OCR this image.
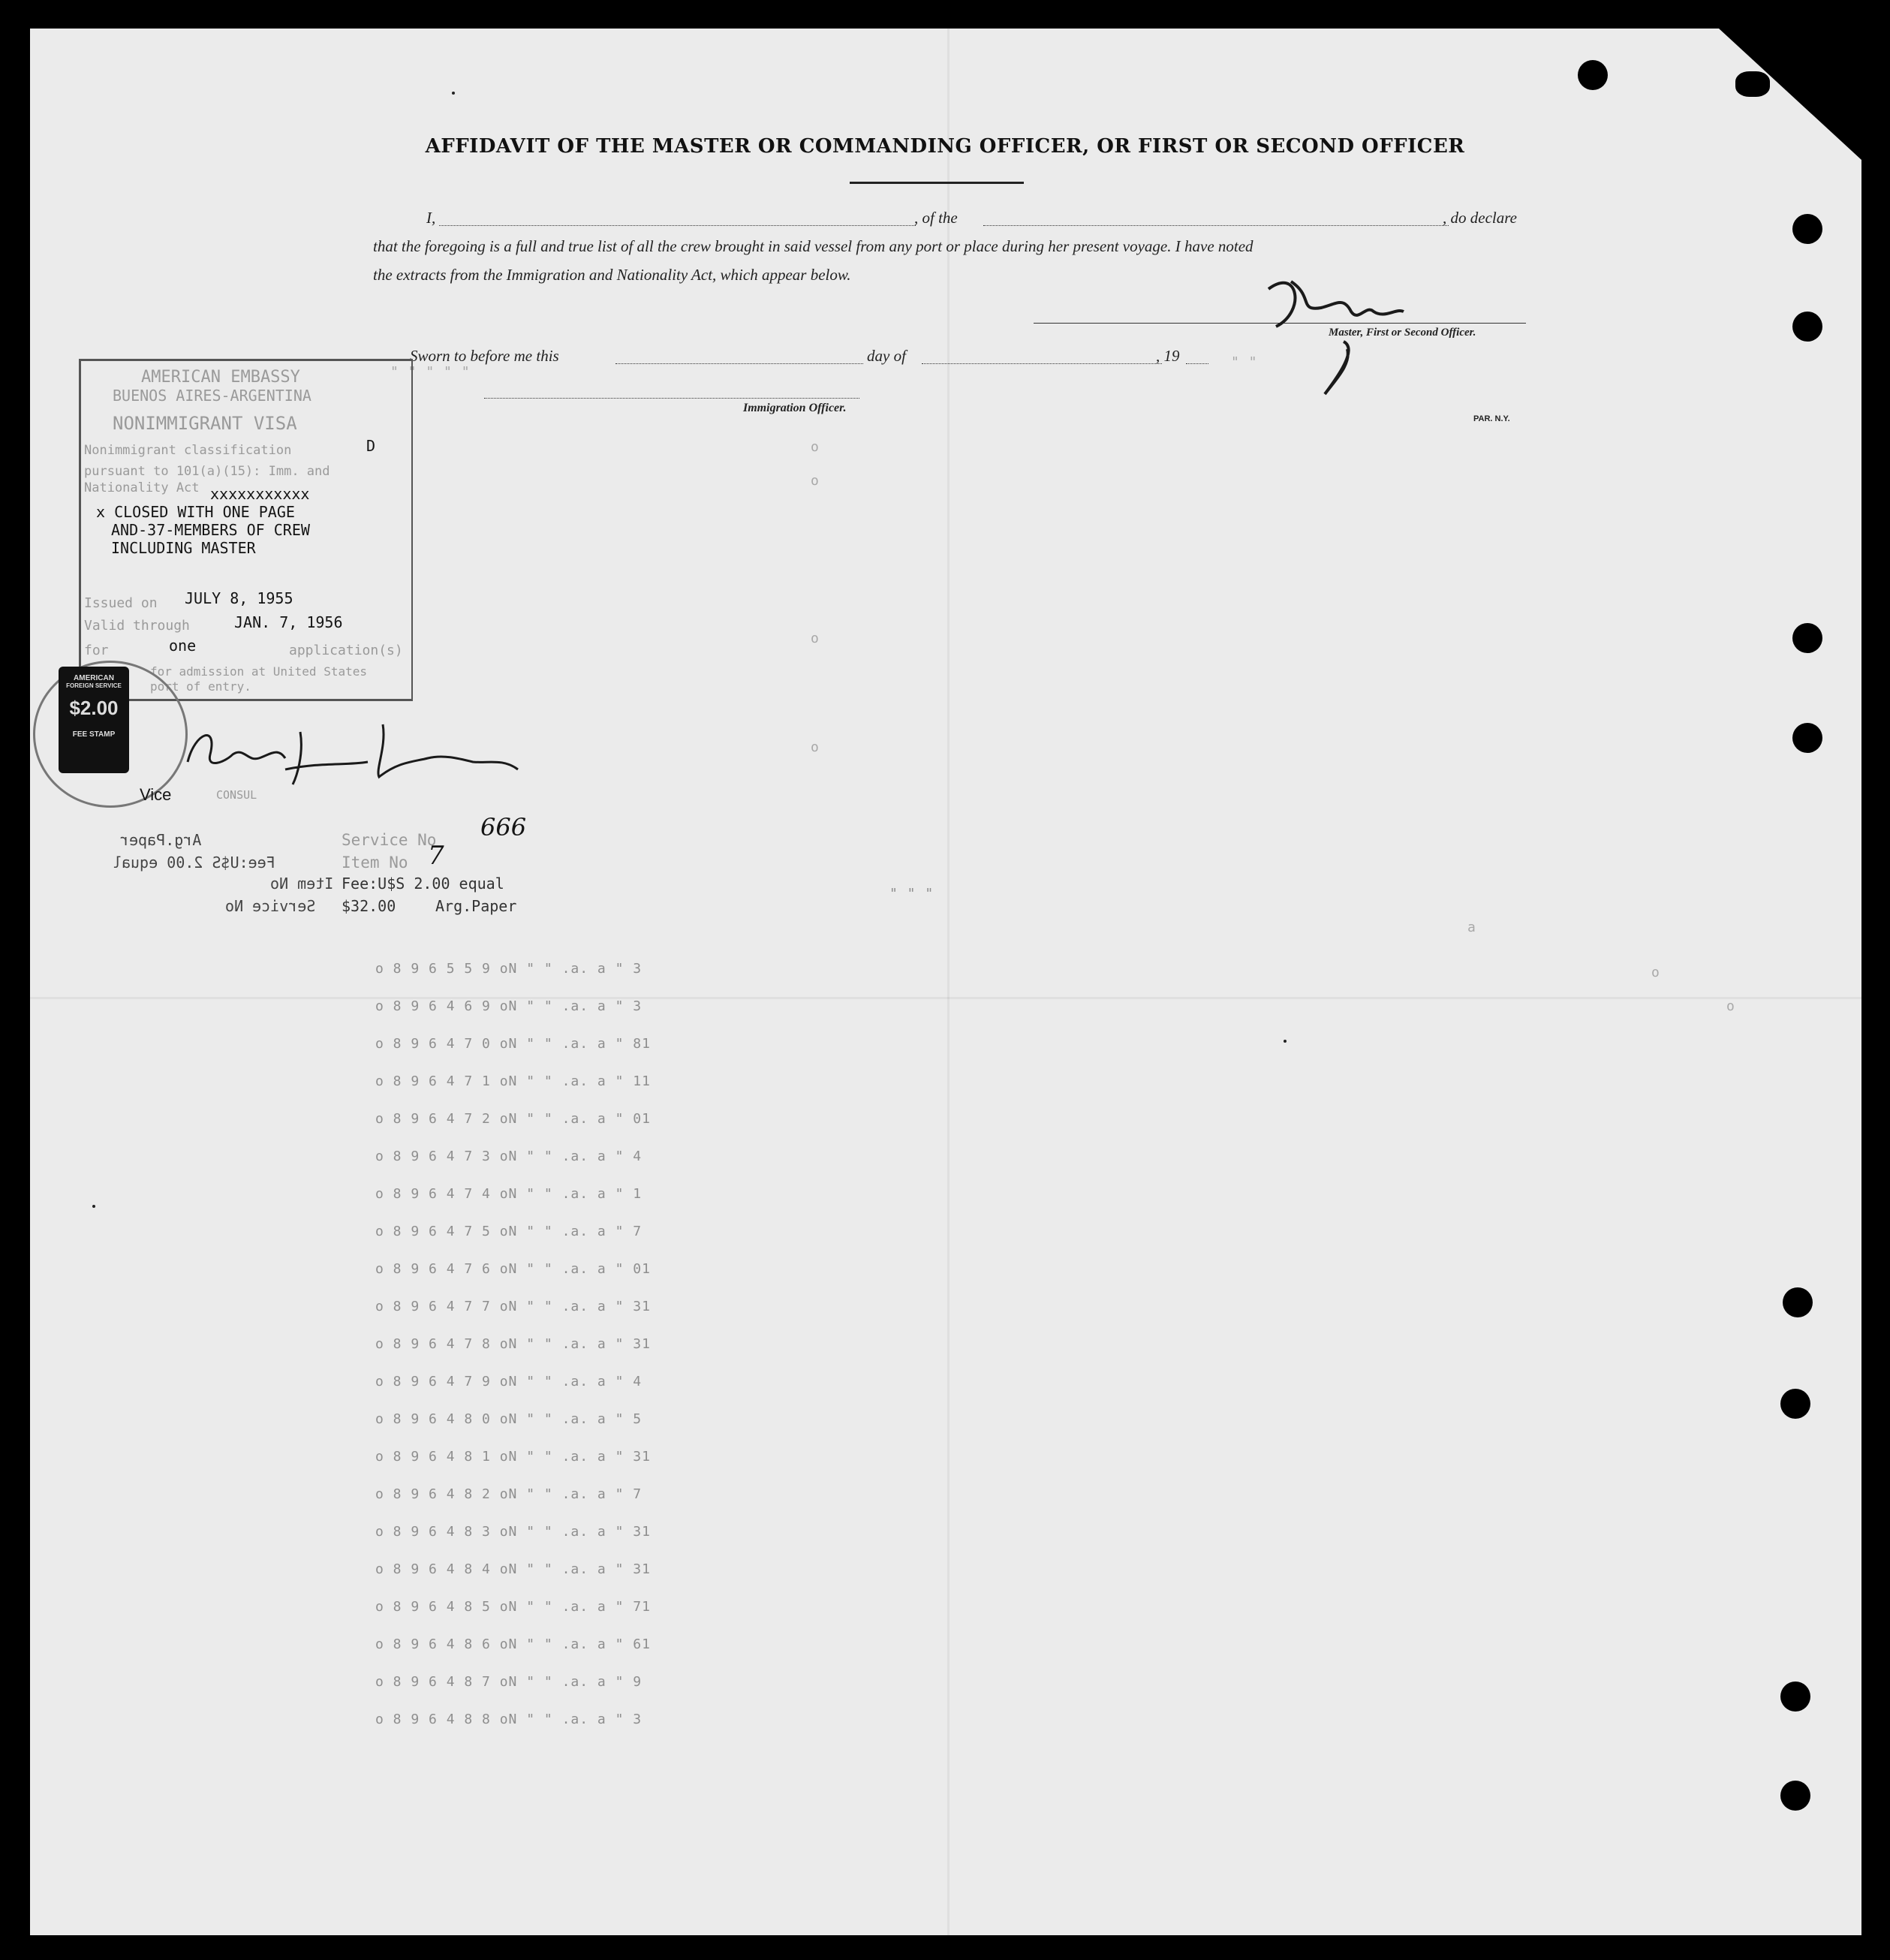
" " " " "
" "
o
o
o
o
" " "
o 8 9 6 5 5 9 oN " " .a. a " 3
o 8 9 6 4 6 9 oN " " .a. a " 3
o 8 9 6 4 7 0 oN " " .a. a " 81
o 8 9 6 4 7 1 oN " " .a. a " 11
o 8 9 6 4 7 2 oN " " .a. a " 01
o 8 9 6 4 7 3 oN " " .a. a " 4
o 8 9 6 4 7 4 oN " " .a. a " 1
o 8 9 6 4 7 5 oN " " .a. a " 7
o 8 9 6 4 7 6 oN " " .a. a " 01
o 8 9 6 4 7 7 oN " " .a. a " 31
o 8 9 6 4 7 8 oN " " .a. a " 31
o 8 9 6 4 7 9 oN " " .a. a " 4
o 8 9 6 4 8 0 oN " " .a. a " 5
o 8 9 6 4 8 1 oN " " .a. a " 31
o 8 9 6 4 8 2 oN " " .a. a " 7
o 8 9 6 4 8 3 oN " " .a. a " 31
o 8 9 6 4 8 4 oN " " .a. a " 31
o 8 9 6 4 8 5 oN " " .a. a " 71
o 8 9 6 4 8 6 oN " " .a. a " 61
o 8 9 6 4 8 7 oN " " .a. a " 9
o 8 9 6 4 8 8 oN " " .a. a " 3
a
o
o
AFFIDAVIT OF THE MASTER OR COMMANDING OFFICER, OR FIRST OR SECOND OFFICER
I,	, of the	, do declare
that the foregoing is a full and true list of all the crew brought in said vessel from any port or place during her present voyage. I have noted
the extracts from the Immigration and Nationality Act, which appear below.
Master, First or Second Officer.
Sworn to before me this	day of	, 19
Immigration Officer.
PAR. N.Y.
AMERICAN EMBASSY
BUENOS AIRES-ARGENTINA
NONIMMIGRANT VISA
Nonimmigrant classification	D
pursuant to 101(a)(15): Imm. and
Nationality Act xxxxxxxxxxx
x CLOSED WITH ONE PAGE
AND-37-MEMBERS OF CREW
INCLUDING MASTER
Issued on JULY 8, 1955
Valid through	JAN. 7, 1956
for	one	application(s)
for admission at United States
port of entry.
AMERICAN
FOREIGN SERVICE
$2.00
FEE STAMP
Vice	CONSUL
Service No 666
Item No 7
Fee:U$S 2.00 equal
$32.00	Arg.Paper
Arg.Paper
Fee:U$S 2.00 equal
Item No
Service No
